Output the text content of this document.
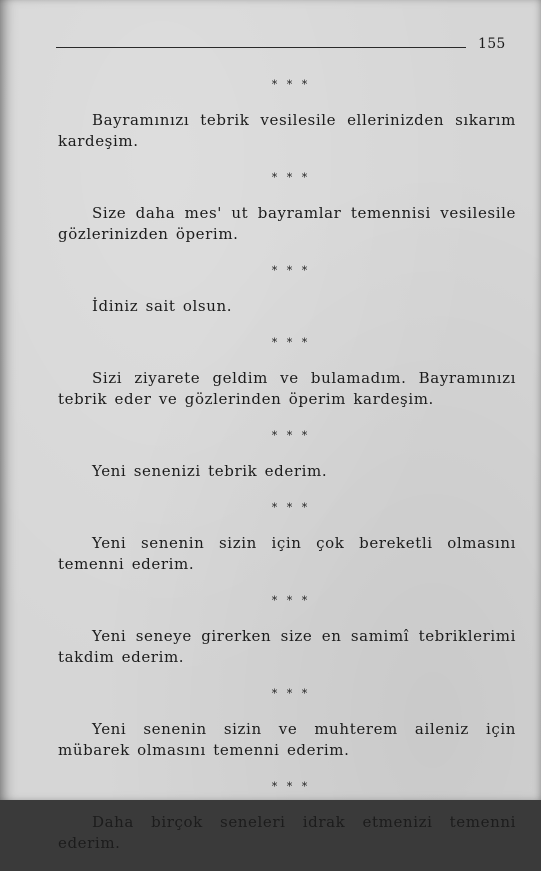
155
* * *

Bayramınızı tebrik vesilesile ellerinizden sıkarım kardeşim.

* * *

Size daha mes' ut bayramlar temennisi vesilesile gözlerinizden öperim.

* * *

İdiniz sait olsun.

* * *

Sizi ziyarete geldim ve bulamadım. Bayramınızı tebrik eder ve gözlerinden öperim kardeşim.

* * *

Yeni senenizi tebrik ederim.

* * *

Yeni senenin sizin için çok bereketli olmasını temenni ederim.

* * *

Yeni seneye girerken size en samimî tebriklerimi takdim ederim.

* * *

Yeni senenin sizin ve muhterem aileniz için mübarek olmasını temenni ederim.

* * *

Daha birçok seneleri idrak etmenizi temenni ederim.
